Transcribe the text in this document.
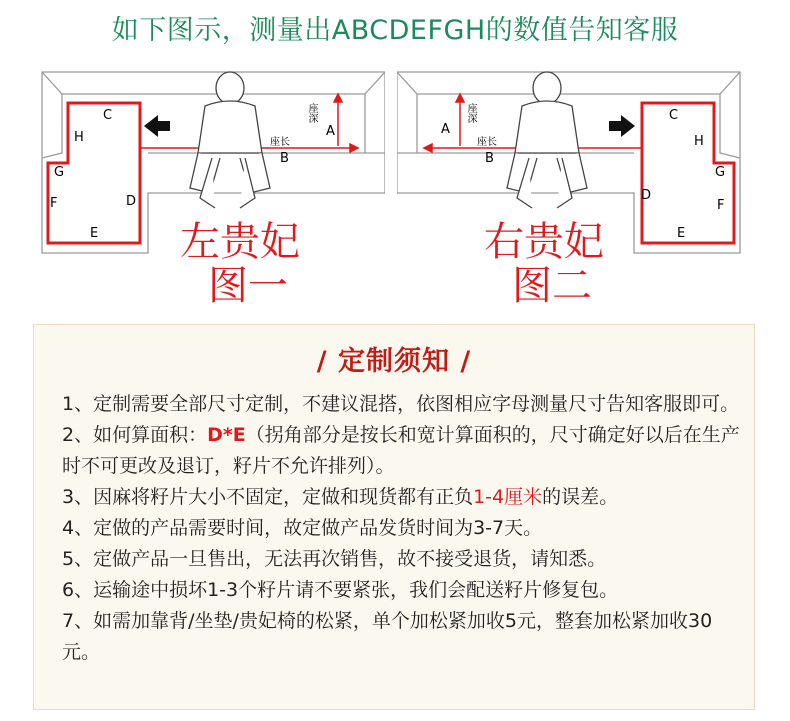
如下图示，测量出ABCDEFGH的数值告知客服
C
H
G
F	D
E
B
A
座长
座深
左贵妃
图一
C
H
G
F
D
E
B
A
座长
座深
右贵妃
图二
/ 定制须知 /

1、定制需要全部尺寸定制，不建议混搭，依图相应字母测量尺寸告知客服即可。

2、如何算面积：D*E（拐角部分是按长和宽计算面积的，尺寸确定好以后在生产时不可更改及退订，籽片不允许排列）。

3、因麻将籽片大小不固定，定做和现货都有正负1-4厘米的误差。

4、定做的产品需要时间，故定做产品发货时间为3-7天。

5、定做产品一旦售出，无法再次销售，故不接受退货，请知悉。

6、运输途中损坏1-3个籽片请不要紧张，我们会配送籽片修复包。

7、如需加靠背/坐垫/贵妃椅的松紧，单个加松紧加收5元，整套加松紧加收30元。
